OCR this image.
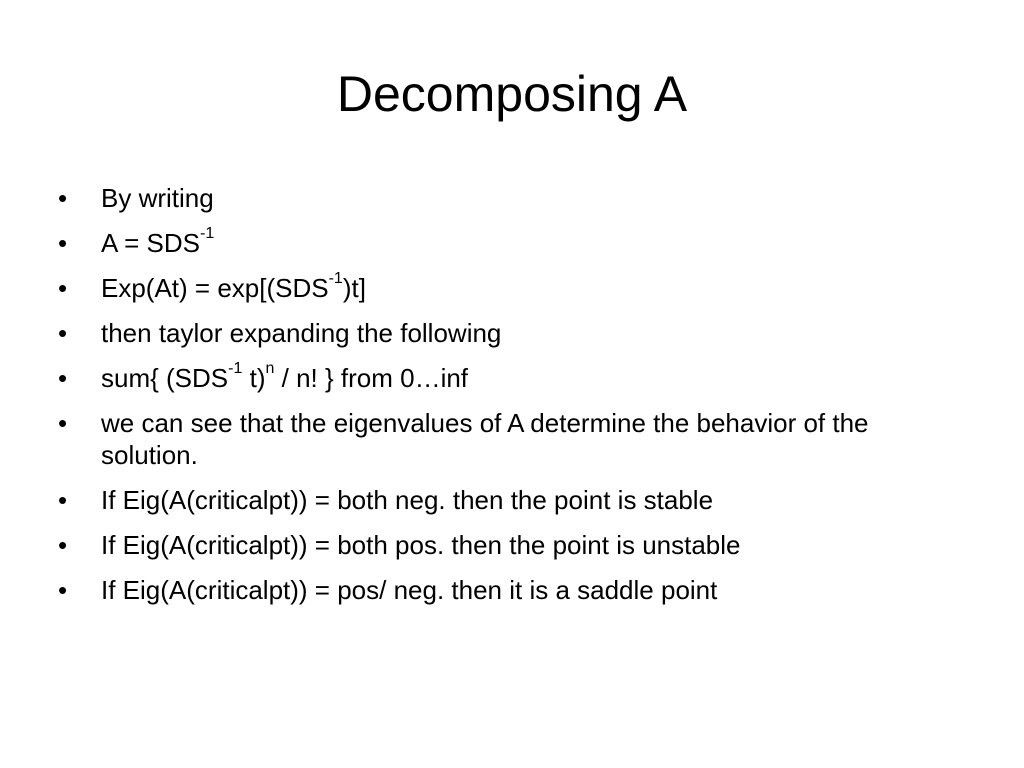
Decomposing A
•	By writing
•	$A = SDS^{-1}$
•	$Exp(At) = \exp[(SDS^{-1})t]$
•	then taylor expanding the following
•	sum{ ($SDS^{-1}$ t)$^n$ / n! } from 0…inf
•	we can see that the eigenvalues of A determine the behavior of the solution.
•	If Eig(A(criticalpt)) = both neg. then the point is stable
•	If Eig(A(criticalpt)) = both pos. then the point is unstable
•	If Eig(A(criticalpt)) = pos/ neg. then it is a saddle point
